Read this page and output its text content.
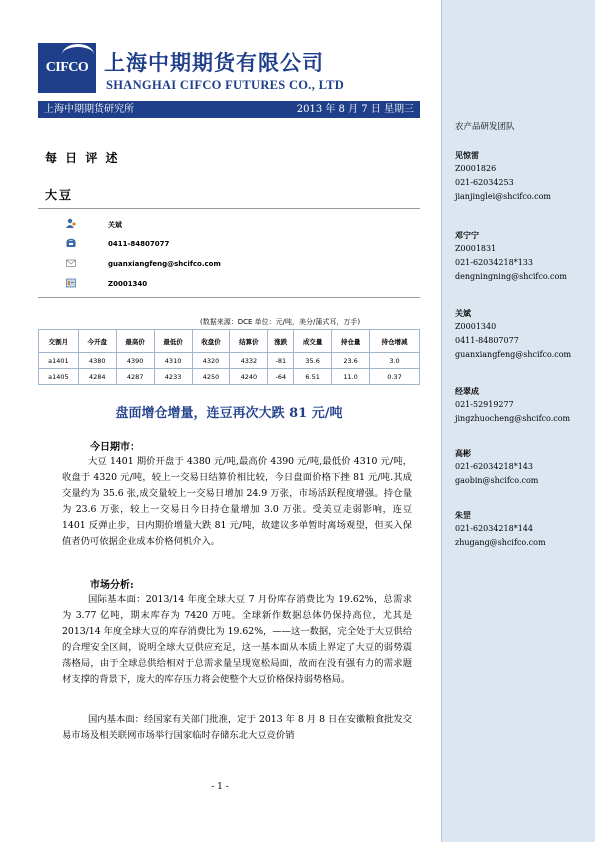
CIFCO 上海中期期货有限公司
SHANGHAI CIFCO FUTURES CO., LTD
上海中期期货研究所	2013 年 8 月 7 日 星期三
农产品研发团队
见惊雷
Z0001826
021-62034253
jianjinglei@shcifco.com
邓宁宁
Z0001831
021-62034218*133
dengningning@shcifco.com
关斌
Z0001340
0411-84807077
guanxiangfeng@shcifco.com
经翠成
021-52919277
jingzhuocheng@shcifco.com
高彬
021-62034218*143
gaobin@shcifco.com
朱罡
021-62034218*144
zhugang@shcifco.com
每 日 评 述
大豆
关斌
0411-84807077
guanxiangfeng@shcifco.com
Z0001340
(数据来源：DCE 单位：元/吨，美分/蒲式耳，万手)
交割月	今开盘	最高价	最低价	收盘价	结算价	涨跌	成交量	持仓量	持仓增减
a1401	4380	4390	4310	4320	4332	-81	35.6	23.6	3.0
a1405	4284	4287	4233	4250	4240	-64	6.51	11.0	0.37
盘面增仓增量，连豆再次大跌 81 元/吨
今日期市：
大豆 1401 期价开盘于 4380 元/吨,最高价 4390 元/吨,最低价 4310 元/吨，收盘于 4320 元/吨，较上一交易日结算价相比较，今日盘面价格下挫 81 元/吨.其成交量约为 35.6 张,成交量较上一交易日增加 24.9 万张，市场活跃程度增强。持仓量为 23.6 万张，较上一交易日今日持仓量增加 3.0 万张。受美豆走弱影响，连豆 1401 反弹止步，日内期价增量大跌 81 元/吨，故建议多单暂时离场观望，但买入保值者仍可依据企业成本价格伺机介入。
市场分析:
国际基本面：2013/14 年度全球大豆 7 月份库存消费比为 19.62%，总需求为 3.77 亿吨，期末库存为 7420 万吨。全球新作数据总体仍保持高位，尤其是 2013/14 年度全球大豆的库存消费比为 19.62%，——这一数据，完全处于大豆供给的合理安全区间，说明全球大豆供应充足，这一基本面从本质上界定了大豆的弱势震荡格局，由于全球总供给相对于总需求量呈现宽松局面，故而在没有强有力的需求题材支撑的背景下，庞大的库存压力将会使整个大豆价格保持弱势格局。
国内基本面：经国家有关部门批准，定于 2013 年 8 月 8 日在安徽粮食批发交易市场及相关联网市场举行国家临时存储东北大豆竞价销
- 1 -
